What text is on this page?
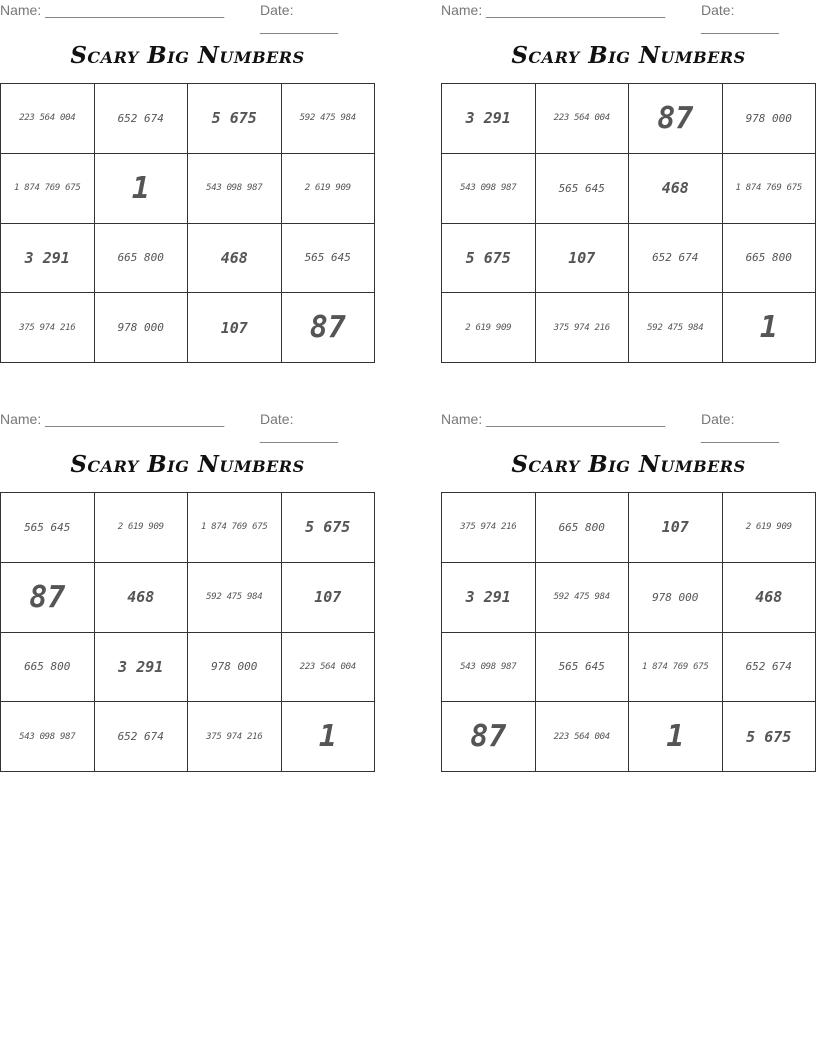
Name: _______________________	Date: __________
Scary Big Numbers
223 564 004	652 674	5 675	592 475 984
1 874 769 675	1	543 098 987	2 619 909
3 291	665 800	468	565 645
375 974 216	978 000	107	87
Name: _______________________	Date: __________
Scary Big Numbers
3 291	223 564 004	87	978 000
543 098 987	565 645	468	1 874 769 675
5 675	107	652 674	665 800
2 619 909	375 974 216	592 475 984	1
Name: _______________________	Date: __________
Scary Big Numbers
565 645	2 619 909	1 874 769 675	5 675
87	468	592 475 984	107
665 800	3 291	978 000	223 564 004
543 098 987	652 674	375 974 216	1
Name: _______________________	Date: __________
Scary Big Numbers
375 974 216	665 800	107	2 619 909
3 291	592 475 984	978 000	468
543 098 987	565 645	1 874 769 675	652 674
87	223 564 004	1	5 675
